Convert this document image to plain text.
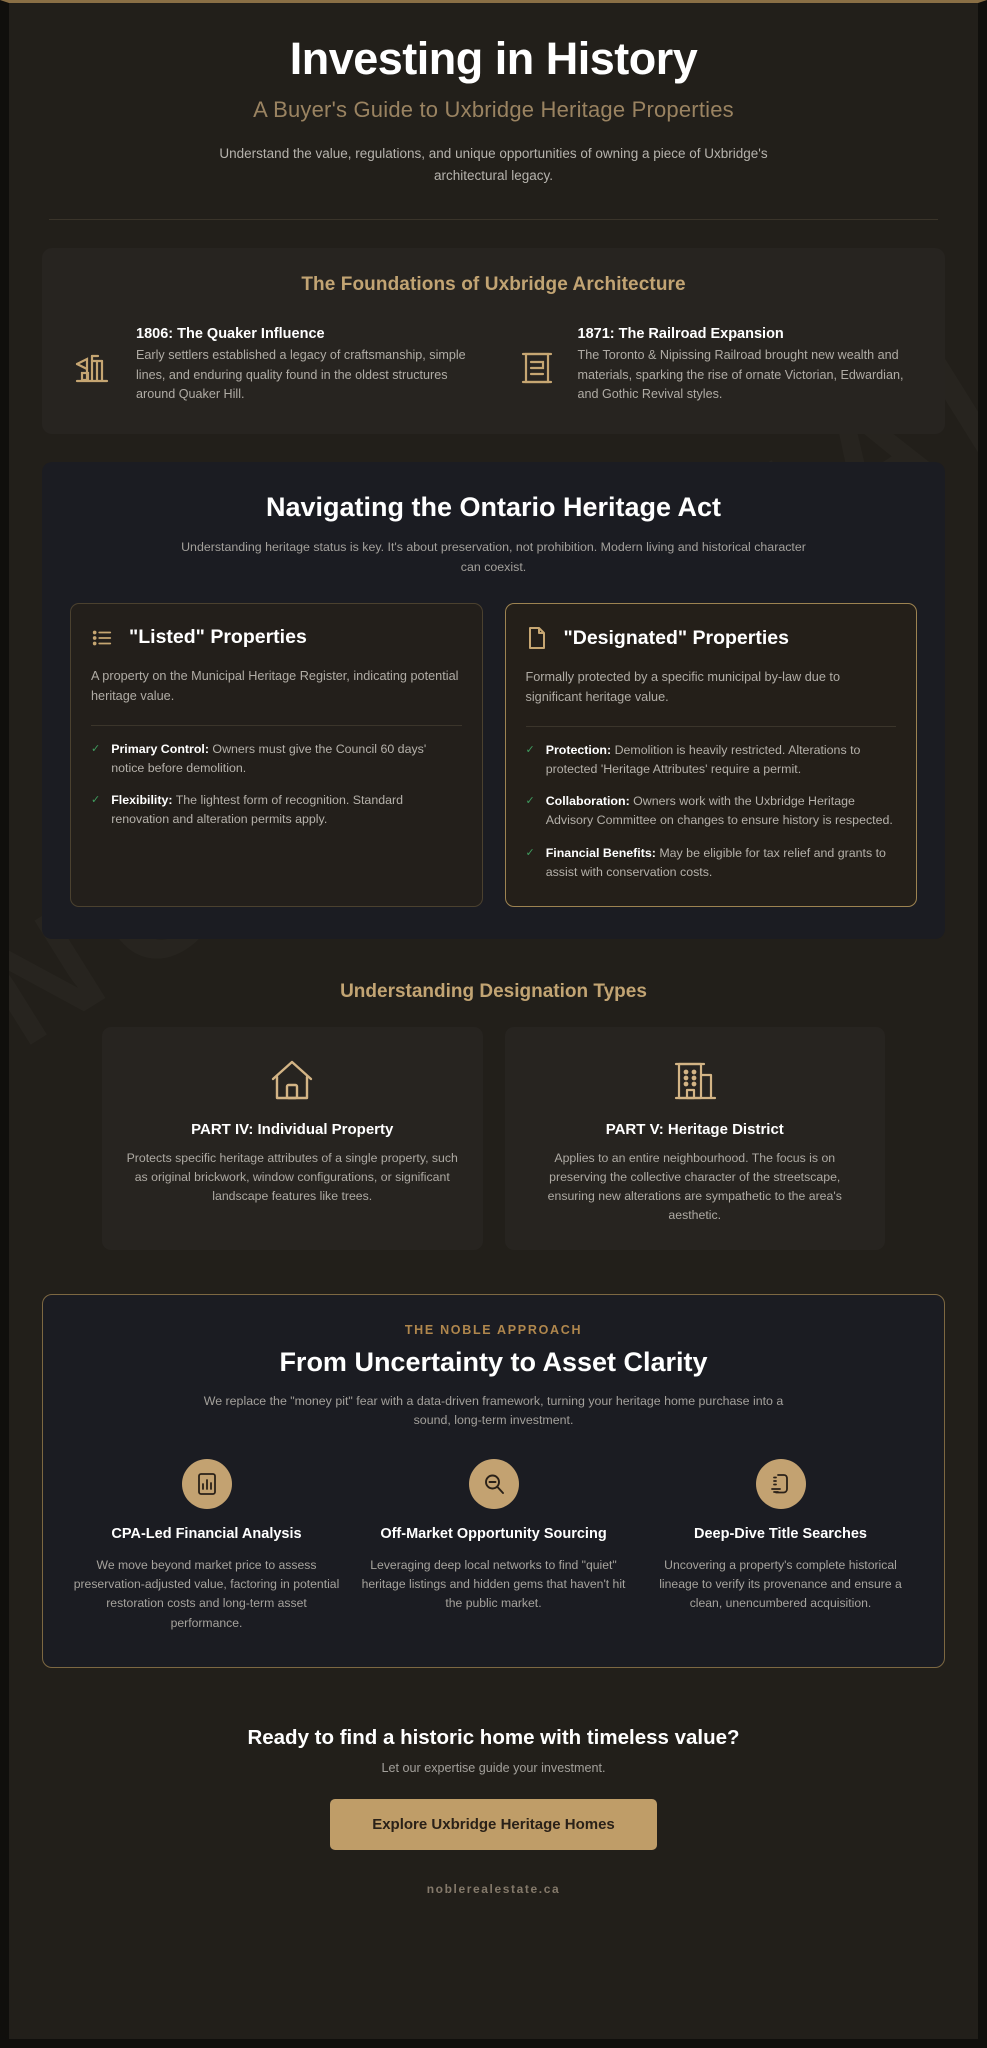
Investing in History
A Buyer's Guide to Uxbridge Heritage Properties

Understand the value, regulations, and unique opportunities of owning a piece of Uxbridge's architectural legacy.

The Foundations of Uxbridge Architecture
1806: The Quaker Influence

Early settlers established a legacy of craftsmanship, simple lines, and enduring quality found in the oldest structures around Quaker Hill.

1871: The Railroad Expansion

The Toronto & Nipissing Railroad brought new wealth and materials, sparking the rise of ornate Victorian, Edwardian, and Gothic Revival styles.

Navigating the Ontario Heritage Act

Understanding heritage status is key. It's about preservation, not prohibition. Modern living and historical character can coexist.

"Listed" Properties

A property on the Municipal Heritage Register, indicating potential heritage value.

✓ Primary Control: Owners must give the Council 60 days' notice before demolition.
✓ Flexibility: The lightest form of recognition. Standard renovation and alteration permits apply.
"Designated" Properties

Formally protected by a specific municipal by-law due to significant heritage value.

✓ Protection: Demolition is heavily restricted. Alterations to protected 'Heritage Attributes' require a permit.
✓ Collaboration: Owners work with the Uxbridge Heritage Advisory Committee on changes to ensure history is respected.
✓ Financial Benefits: May be eligible for tax relief and grants to assist with conservation costs.
Understanding Designation Types
PART IV: Individual Property

Protects specific heritage attributes of a single property, such as original brickwork, window configurations, or significant landscape features like trees.

PART V: Heritage District

Applies to an entire neighbourhood. The focus is on preserving the collective character of the streetscape, ensuring new alterations are sympathetic to the area's aesthetic.

THE NOBLE APPROACH
From Uncertainty to Asset Clarity

We replace the "money pit" fear with a data-driven framework, turning your heritage home purchase into a sound, long-term investment.

CPA-Led Financial Analysis

We move beyond market price to assess preservation-adjusted value, factoring in potential restoration costs and long-term asset performance.

Off-Market Opportunity Sourcing

Leveraging deep local networks to find "quiet" heritage listings and hidden gems that haven't hit the public market.

Deep-Dive Title Searches

Uncovering a property's complete historical lineage to verify its provenance and ensure a clean, unencumbered acquisition.

Ready to find a historic home with timeless value?

Let our expertise guide your investment.

Explore Uxbridge Heritage Homes
noblerealestate.ca
